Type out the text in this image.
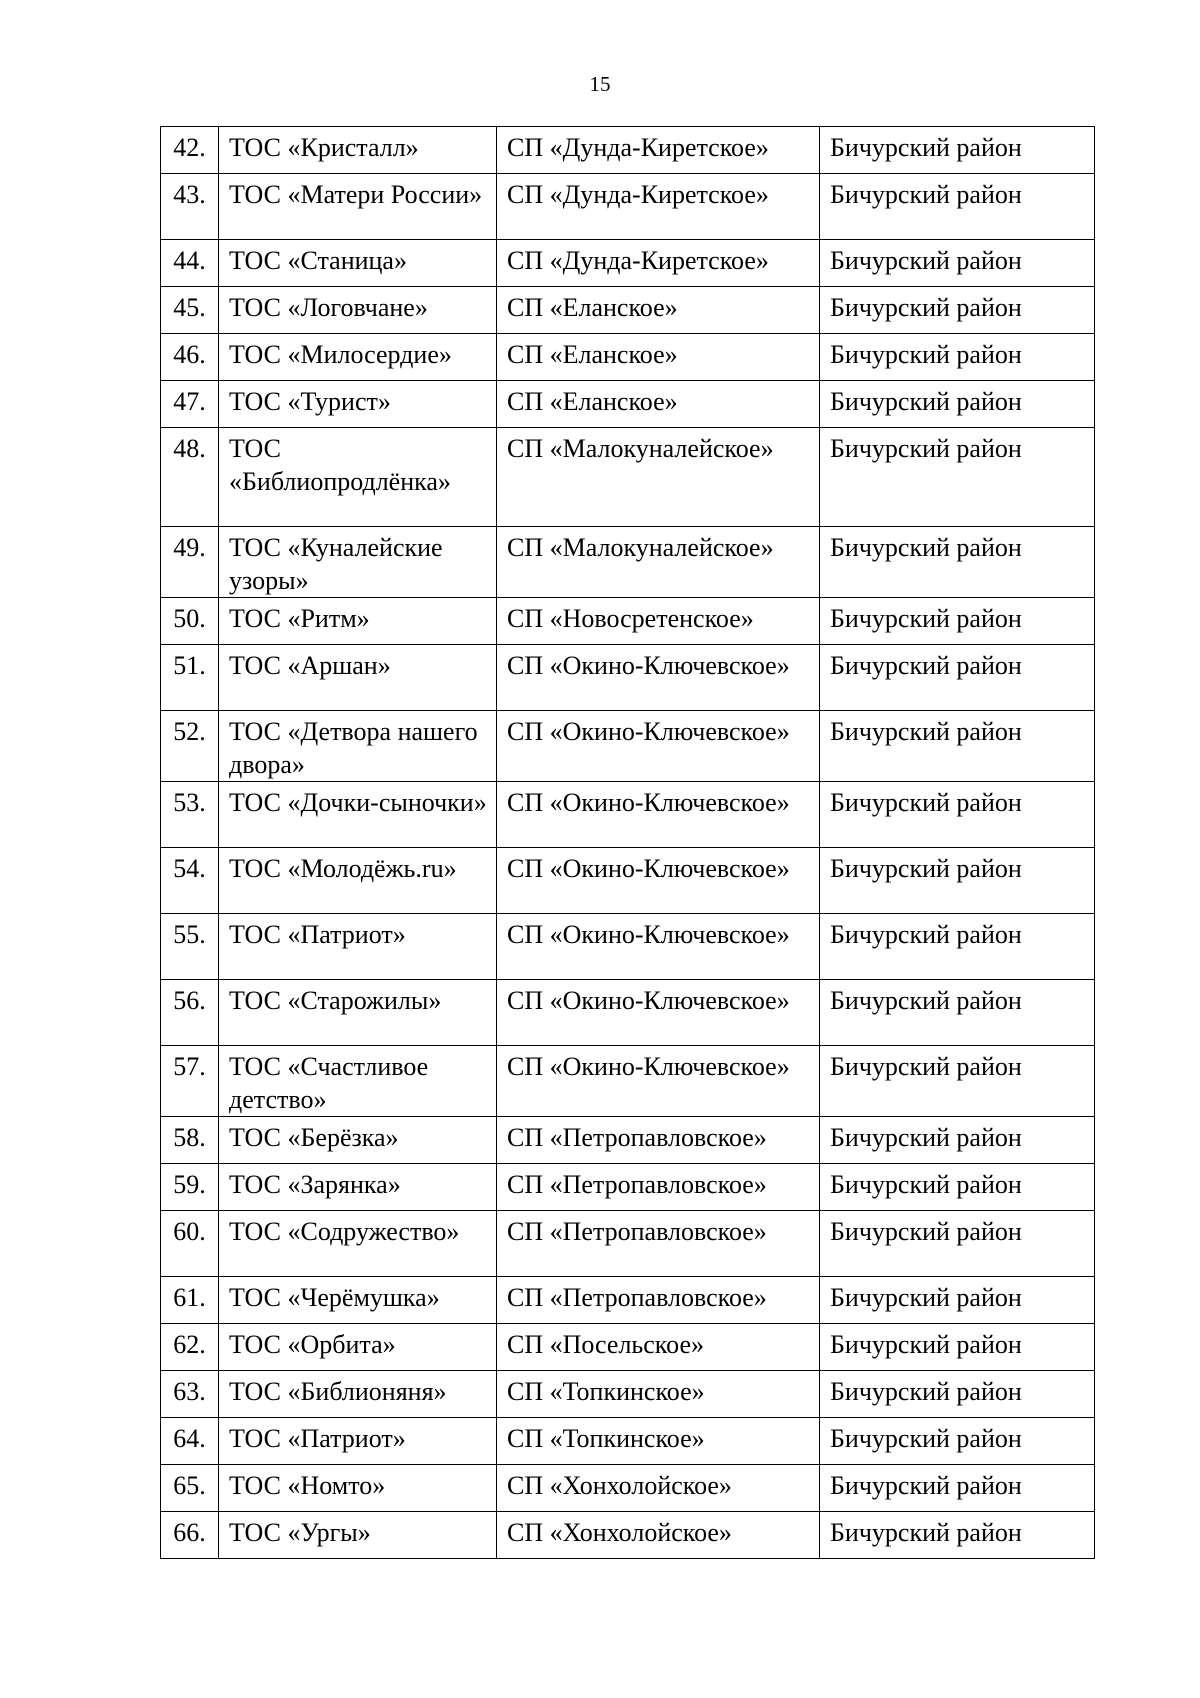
15
42.	ТОС «Кристалл»	СП «Дунда-Киретское»	Бичурский район
43.	ТОС «Матери России»	СП «Дунда-Киретское»	Бичурский район
44.	ТОС «Станица»	СП «Дунда-Киретское»	Бичурский район
45.	ТОС «Логовчане»	СП «Еланское»	Бичурский район
46.	ТОС «Милосердие»	СП «Еланское»	Бичурский район
47.	ТОС «Турист»	СП «Еланское»	Бичурский район
48.	ТОС «Библиопродлёнка»	СП «Малокуналейское»	Бичурский район
49.	ТОС «Куналейские узоры»	СП «Малокуналейское»	Бичурский район
50.	ТОС «Ритм»	СП «Новосретенское»	Бичурский район
51.	ТОС «Аршан»	СП «Окино-Ключевское»	Бичурский район
52.	ТОС «Детвора нашего двора»	СП «Окино-Ключевское»	Бичурский район
53.	ТОС «Дочки-сыночки»	СП «Окино-Ключевское»	Бичурский район
54.	ТОС «Молодёжь.ru»	СП «Окино-Ключевское»	Бичурский район
55.	ТОС «Патриот»	СП «Окино-Ключевское»	Бичурский район
56.	ТОС «Старожилы»	СП «Окино-Ключевское»	Бичурский район
57.	ТОС «Счастливое детство»	СП «Окино-Ключевское»	Бичурский район
58.	ТОС «Берёзка»	СП «Петропавловское»	Бичурский район
59.	ТОС «Зарянка»	СП «Петропавловское»	Бичурский район
60.	ТОС «Содружество»	СП «Петропавловское»	Бичурский район
61.	ТОС «Черёмушка»	СП «Петропавловское»	Бичурский район
62.	ТОС «Орбита»	СП «Посельское»	Бичурский район
63.	ТОС «Библионяня»	СП «Топкинское»	Бичурский район
64.	ТОС «Патриот»	СП «Топкинское»	Бичурский район
65.	ТОС «Номто»	СП «Хонхолойское»	Бичурский район
66.	ТОС «Ургы»	СП «Хонхолойское»	Бичурский район
